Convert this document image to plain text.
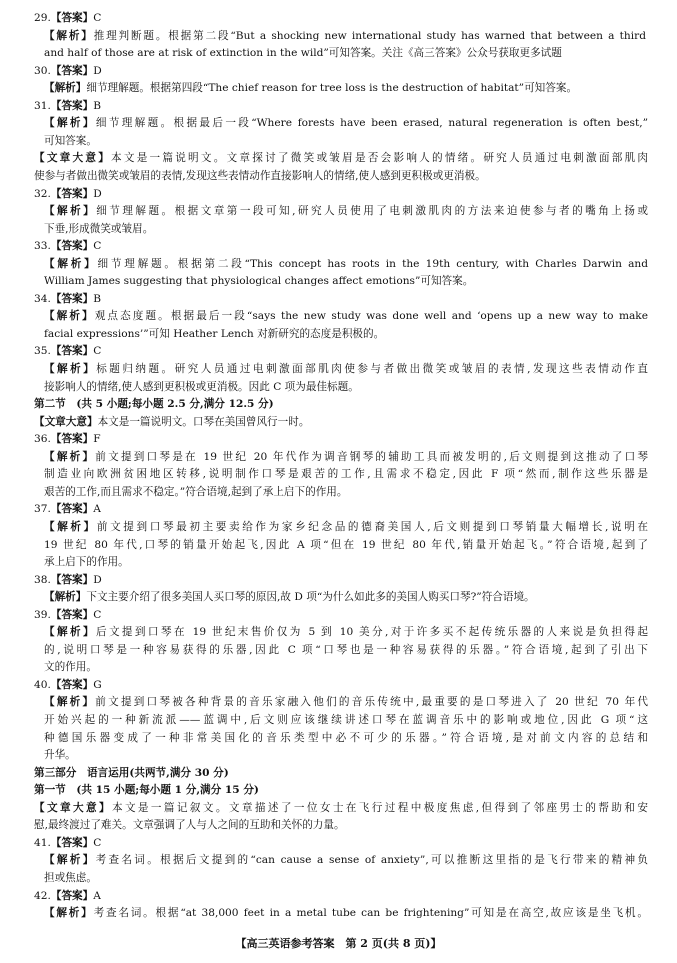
29.【答案】C
【解析】推理判断题。根据第二段“But a shocking new international study has warned that between a third
and half of those are at risk of extinction in the wild”可知答案。关注《高三答案》公众号获取更多试题
30.【答案】D
【解析】细节理解题。根据第四段“The chief reason for tree loss is the destruction of habitat”可知答案。
31.【答案】B
【解析】细节理解题。根据最后一段“Where forests have been erased, natural regeneration is often best,”
可知答案。
【文章大意】本文是一篇说明文。文章探讨了微笑或皱眉是否会影响人的情绪。研究人员通过电刺激面部肌肉
使参与者做出微笑或皱眉的表情,发现这些表情动作直接影响人的情绪,使人感到更积极或更消极。
32.【答案】D
【解析】细节理解题。根据文章第一段可知,研究人员使用了电刺激肌肉的方法来迫使参与者的嘴角上扬或
下垂,形成微笑或皱眉。
33.【答案】C
【解析】细节理解题。根据第二段“This concept has roots in the 19th century, with Charles Darwin and
William James suggesting that physiological changes affect emotions”可知答案。
34.【答案】B
【解析】观点态度题。根据最后一段“says the new study was done well and ‘opens up a new way to make
facial expressions’”可知 Heather Lench 对新研究的态度是积极的。
35.【答案】C
【解析】标题归纳题。研究人员通过电刺激面部肌肉使参与者做出微笑或皱眉的表情,发现这些表情动作直
接影响人的情绪,使人感到更积极或更消极。因此 C 项为最佳标题。
第二节　(共 5 小题;每小题 2.5 分,满分 12.5 分)
【文章大意】本文是一篇说明文。口琴在美国曾风行一时。
36.【答案】F
【解析】前文提到口琴是在 19 世纪 20 年代作为调音钢琴的辅助工具而被发明的,后文则提到这推动了口琴
制造业向欧洲贫困地区转移,说明制作口琴是艰苦的工作,且需求不稳定,因此 F 项“然而,制作这些乐器是
艰苦的工作,而且需求不稳定。”符合语境,起到了承上启下的作用。
37.【答案】A
【解析】前文提到口琴最初主要卖给作为家乡纪念品的德裔美国人,后文则提到口琴销量大幅增长,说明在
19 世纪 80 年代,口琴的销量开始起飞,因此 A 项“但在 19 世纪 80 年代,销量开始起飞。”符合语境,起到了
承上启下的作用。
38.【答案】D
【解析】下文主要介绍了很多美国人买口琴的原因,故 D 项“为什么如此多的美国人购买口琴?”符合语境。
39.【答案】C
【解析】后文提到口琴在 19 世纪末售价仅为 5 到 10 美分,对于许多买不起传统乐器的人来说是负担得起
的,说明口琴是一种容易获得的乐器,因此 C 项“口琴也是一种容易获得的乐器。”符合语境,起到了引出下
文的作用。
40.【答案】G
【解析】前文提到口琴被各种背景的音乐家融入他们的音乐传统中,最重要的是口琴进入了 20 世纪 70 年代
开始兴起的一种新流派——蓝调中,后文则应该继续讲述口琴在蓝调音乐中的影响或地位,因此 G 项“这
种德国乐器变成了一种非常美国化的音乐类型中必不可少的乐器。”符合语境,是对前文内容的总结和
升华。
第三部分　语言运用(共两节,满分 30 分)
第一节　(共 15 小题;每小题 1 分,满分 15 分)
【文章大意】本文是一篇记叙文。文章描述了一位女士在飞行过程中极度焦虑,但得到了邻座男士的帮助和安
慰,最终渡过了难关。文章强调了人与人之间的互助和关怀的力量。
41.【答案】C
【解析】考查名词。根据后文提到的“can cause a sense of anxiety”,可以推断这里指的是飞行带来的精神负
担或焦虑。
42.【答案】A
【解析】考查名词。根据“at 38,000 feet in a metal tube can be frightening”可知是在高空,故应该是坐飞机。
【高三英语参考答案　第 2 页(共 8 页)】
